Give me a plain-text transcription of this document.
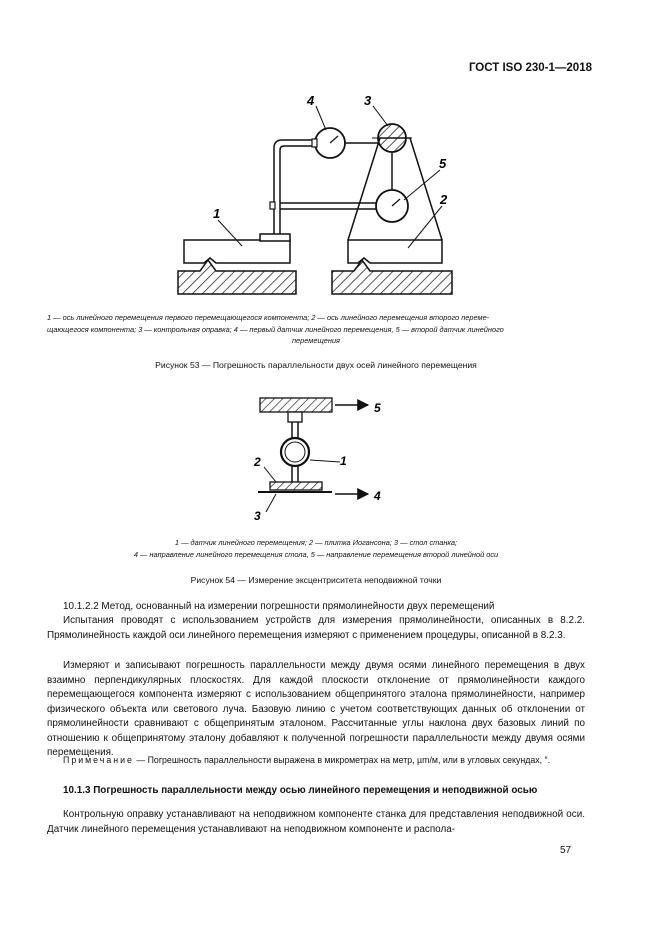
ГОСТ ISO 230-1—2018
4	3
5
1
2
1 — ось линейного перемещения первого перемещающегося компонента; 2 — ось линейного перемещения второго переме-
щающегося компонента; 3 — контрольная оправка; 4 — первый датчик линейного перемещения, 5 — второй датчик линейного
перемещения
Рисунок 53 — Погрешность параллельности двух осей линейного перемещения
5
2	1
4
3
1 — датчик линейного перемещения; 2 — плитка Иогансона; 3 — стол станка;
4 — направление линейного перемещения стола, 5 — направление перемещения второй линейной оси
Рисунок 54 — Измерение эксцентриситета неподвижной точки
10.1.2.2 Метод, основанный на измерении погрешности прямолинейности двух перемещений
Испытания проводят с использованием устройств для измерения прямолинейности, описанных в 8.2.2. Прямолинейность каждой оси линейного перемещения измеряют с применением процедуры, описанной в 8.2.3.
Измеряют и записывают погрешность параллельности между двумя осями линейного перемещения в двух взаимно перпендикулярных плоскостях. Для каждой плоскости отклонение от прямолинейности каждого перемещающегося компонента измеряют с использованием общепринятого эталона прямолинейности, например физического объекта или светового луча. Базовую линию с учетом соответствующих данных об отклонении от прямолинейности сравнивают с общепринятым эталоном. Рассчитанные углы наклона двух базовых линий по отношению к общепринятому эталону добавляют к полученной погрешности параллельности между двумя осями перемещения.
Примечание — Погрешность параллельности выражена в микрометрах на метр, µm/м, или в угловых секундах, ″.
10.1.3 Погрешность параллельности между осью линейного перемещения и неподвижной осью
Контрольную оправку устанавливают на неподвижном компоненте станка для представления неподвижной оси. Датчик линейного перемещения устанавливают на неподвижном компоненте и распола-
57
